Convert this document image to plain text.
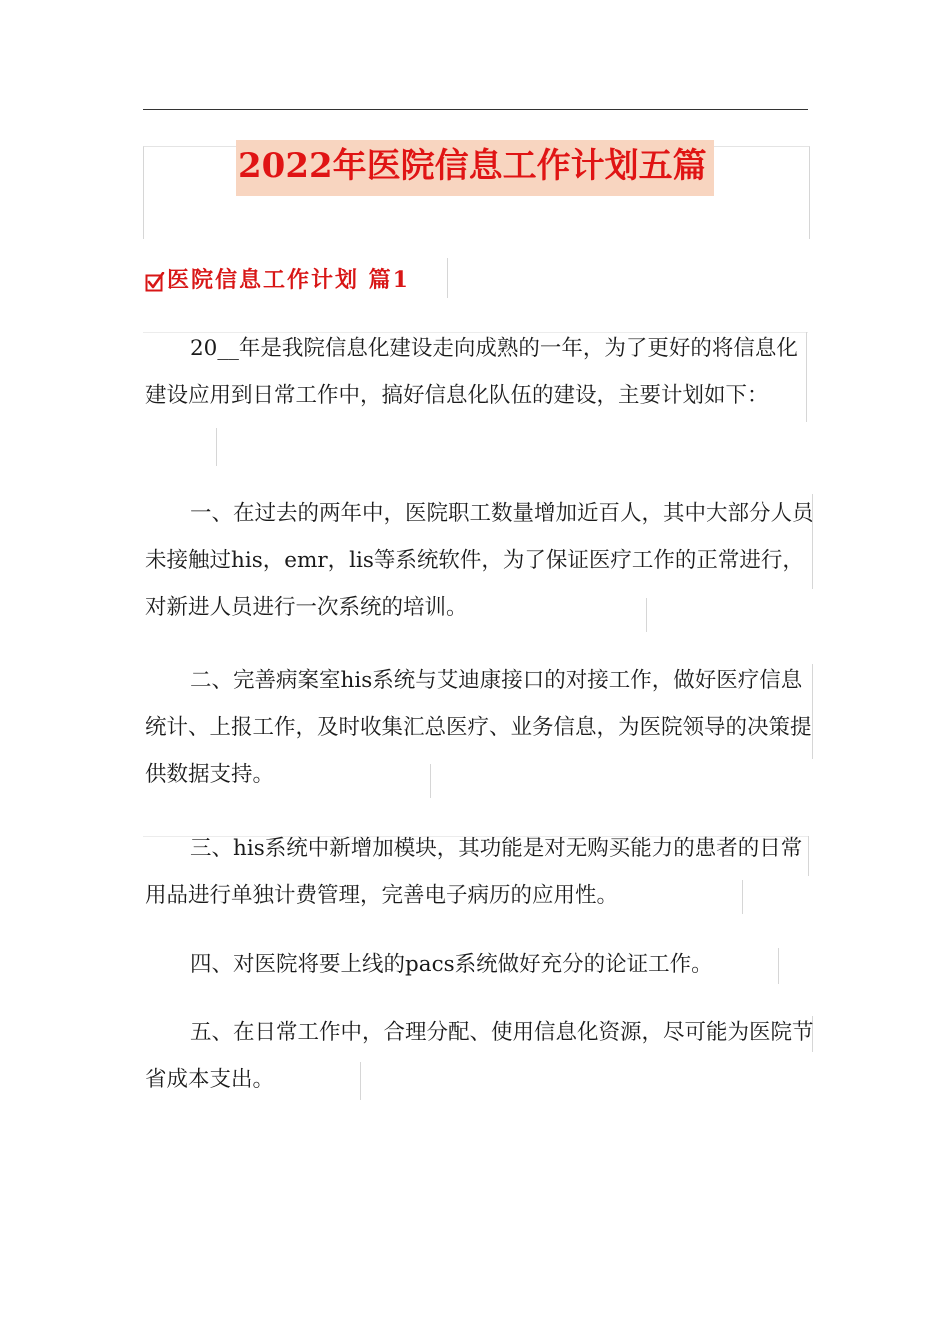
2022年医院信息工作计划五篇
医院信息工作计划 篇1

20__年是我院信息化建设走向成熟的一年，为了更好的将信息化建设应用到日常工作中，搞好信息化队伍的建设，主要计划如下：

一、在过去的两年中，医院职工数量增加近百人，其中大部分人员未接触过his，emr，lis等系统软件，为了保证医疗工作的正常进行，对新进人员进行一次系统的培训。

二、完善病案室his系统与艾迪康接口的对接工作，做好医疗信息统计、上报工作，及时收集汇总医疗、业务信息，为医院领导的决策提供数据支持。

三、his系统中新增加模块，其功能是对无购买能力的患者的日常用品进行单独计费管理，完善电子病历的应用性。

四、对医院将要上线的pacs系统做好充分的论证工作。

五、在日常工作中，合理分配、使用信息化资源，尽可能为医院节省成本支出。
